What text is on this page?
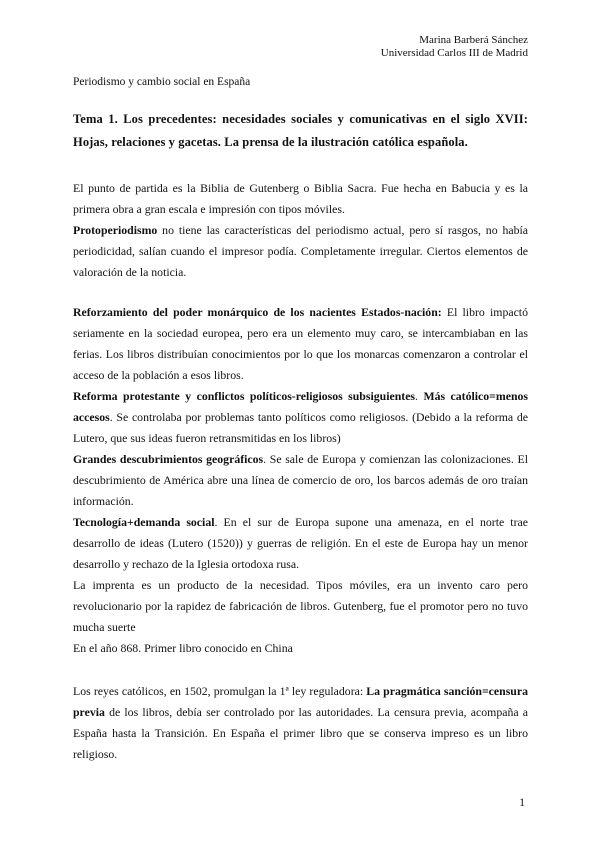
Marina Barberá Sánchez
Universidad Carlos III de Madrid
Periodismo y cambio social en España
Tema 1. Los precedentes: necesidades sociales y comunicativas en el siglo XVII: Hojas, relaciones y gacetas. La prensa de la ilustración católica española.

El punto de partida es la Biblia de Gutenberg o Biblia Sacra. Fue hecha en Babucia y es la primera obra a gran escala e impresión con tipos móviles.

Protoperiodismo no tiene las características del periodismo actual, pero sí rasgos, no había periodicidad, salían cuando el impresor podía. Completamente irregular. Ciertos elementos de valoración de la noticia.

Reforzamiento del poder monárquico de los nacientes Estados-nación: El libro impactó seriamente en la sociedad europea, pero era un elemento muy caro, se intercambiaban en las ferias. Los libros distribuían conocimientos por lo que los monarcas comenzaron a controlar el acceso de la población a esos libros.

Reforma protestante y conflictos políticos-religiosos subsiguientes. Más católico=menos accesos. Se controlaba por problemas tanto políticos como religiosos. (Debido a la reforma de Lutero, que sus ideas fueron retransmitidas en los libros)

Grandes descubrimientos geográficos. Se sale de Europa y comienzan las colonizaciones. El descubrimiento de América abre una línea de comercio de oro, los barcos además de oro traían información.

Tecnología+demanda social. En el sur de Europa supone una amenaza, en el norte trae desarrollo de ideas (Lutero (1520)) y guerras de religión. En el este de Europa hay un menor desarrollo y rechazo de la Iglesia ortodoxa rusa.

La imprenta es un producto de la necesidad. Tipos móviles, era un invento caro pero revolucionario por la rapidez de fabricación de libros. Gutenberg, fue el promotor pero no tuvo mucha suerte

En el año 868. Primer libro conocido en China

Los reyes católicos, en 1502, promulgan la 1ª ley reguladora: La pragmática sanción=censura previa de los libros, debía ser controlado por las autoridades. La censura previa, acompaña a España hasta la Transición. En España el primer libro que se conserva impreso es un libro religioso.

1
